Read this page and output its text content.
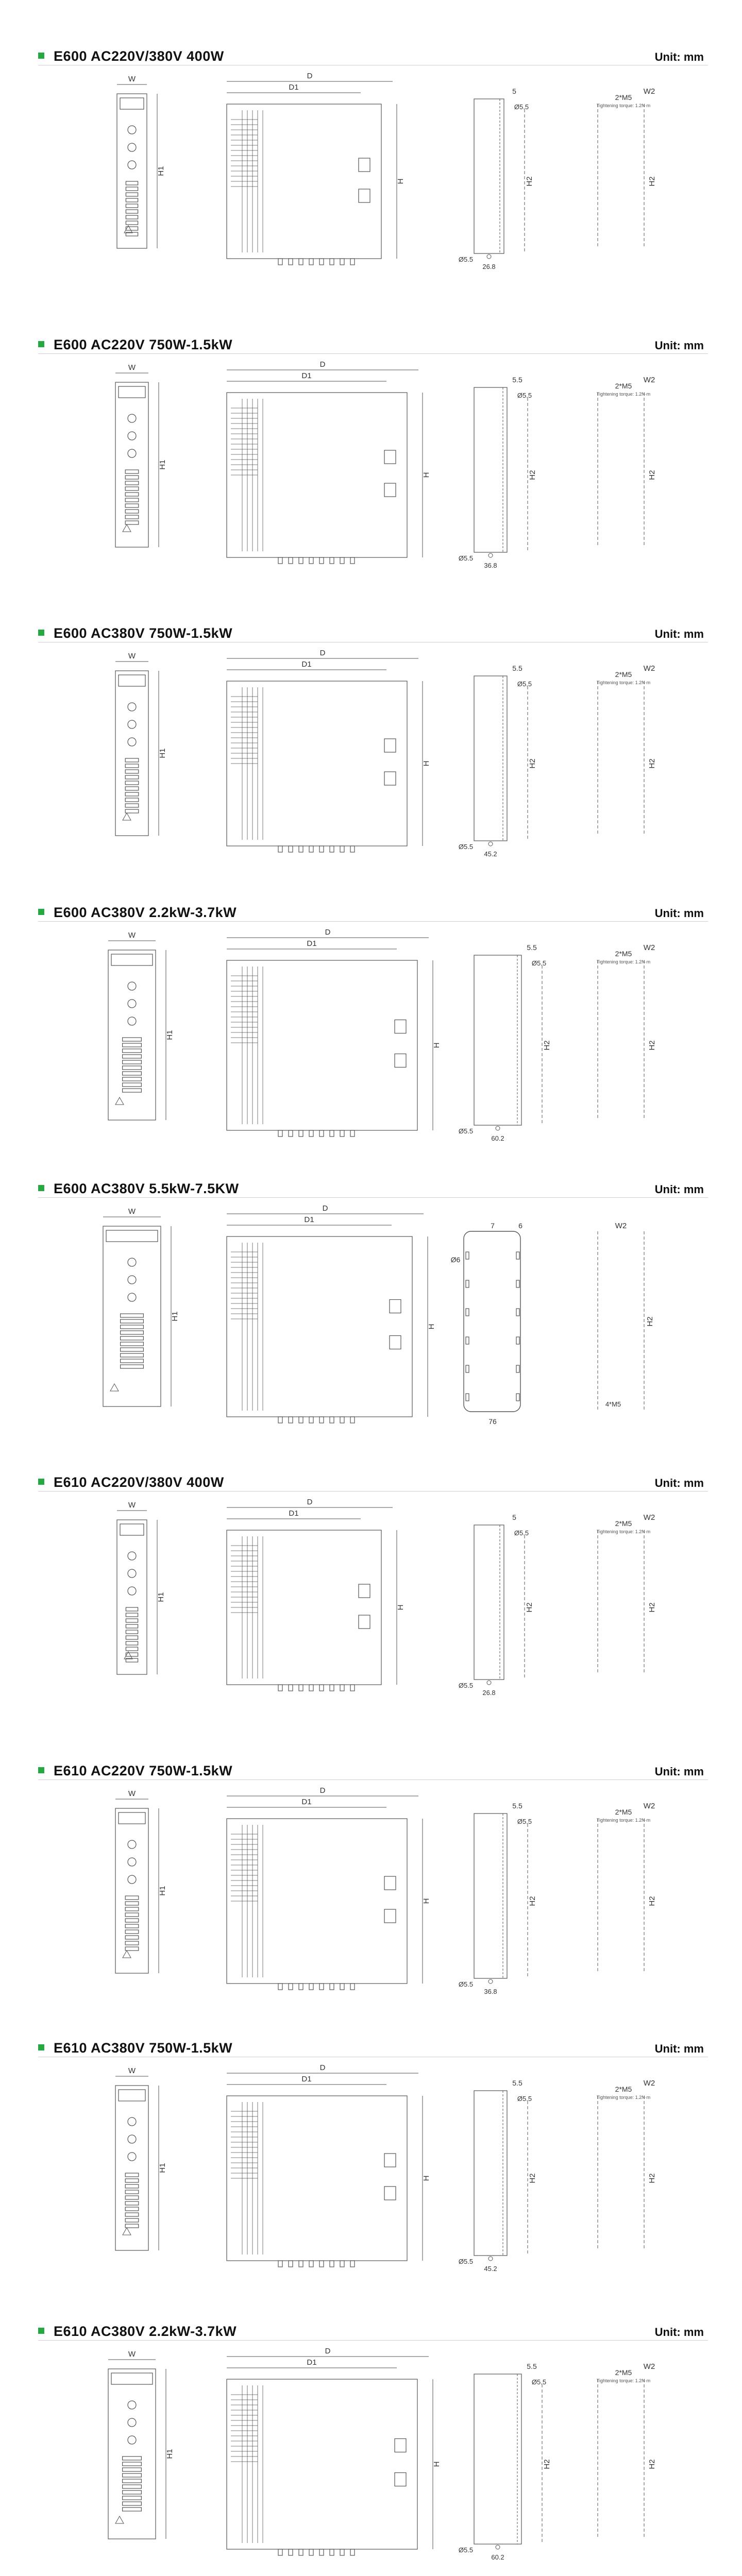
E600 AC220V/380V 400W	Unit: mm
W
H1
D
D1
H
5
Ø5.5
Ø5.5
26.8
H2
W2
2*M5
H2
Tightening torque: 1.2N·m
E600 AC220V 750W-1.5kW	Unit: mm
W
H1
D
D1
H
5.5
Ø5.5
Ø5.5
36.8
H2
W2
2*M5
H2
Tightening torque: 1.2N·m
E600 AC380V 750W-1.5kW	Unit: mm
W
H1
D
D1
H
5.5
Ø5.5
Ø5.5
45.2
H2
W2
2*M5
H2
Tightening torque: 1.2N·m
E600 AC380V 2.2kW-3.7kW	Unit: mm
W
H1
D
D1
H
5.5
Ø5.5
Ø5.5
60.2
H2
W2
2*M5
H2
Tightening torque: 1.2N·m
E600 AC380V 5.5kW-7.5KW	Unit: mm
W
H1
D
D1
H
7	6
Ø6
76
W2
H2
4*M5
E610 AC220V/380V 400W	Unit: mm
W
H1
D
D1
H
5
Ø5.5
Ø5.5
26.8
H2
W2
2*M5
H2
Tightening torque: 1.2N·m
E610 AC220V 750W-1.5kW	Unit: mm
W
H1
D
D1
H
5.5
Ø5.5
Ø5.5
36.8
H2
W2
2*M5
H2
Tightening torque: 1.2N·m
E610 AC380V 750W-1.5kW	Unit: mm
W
H1
D
D1
H
5.5
Ø5.5
Ø5.5
45.2
H2
W2
2*M5
H2
Tightening torque: 1.2N·m
E610 AC380V 2.2kW-3.7kW	Unit: mm
W
H1
D
D1
H
5.5
Ø5.5
Ø5.5
60.2
H2
W2
2*M5
H2
Tightening torque: 1.2N·m
